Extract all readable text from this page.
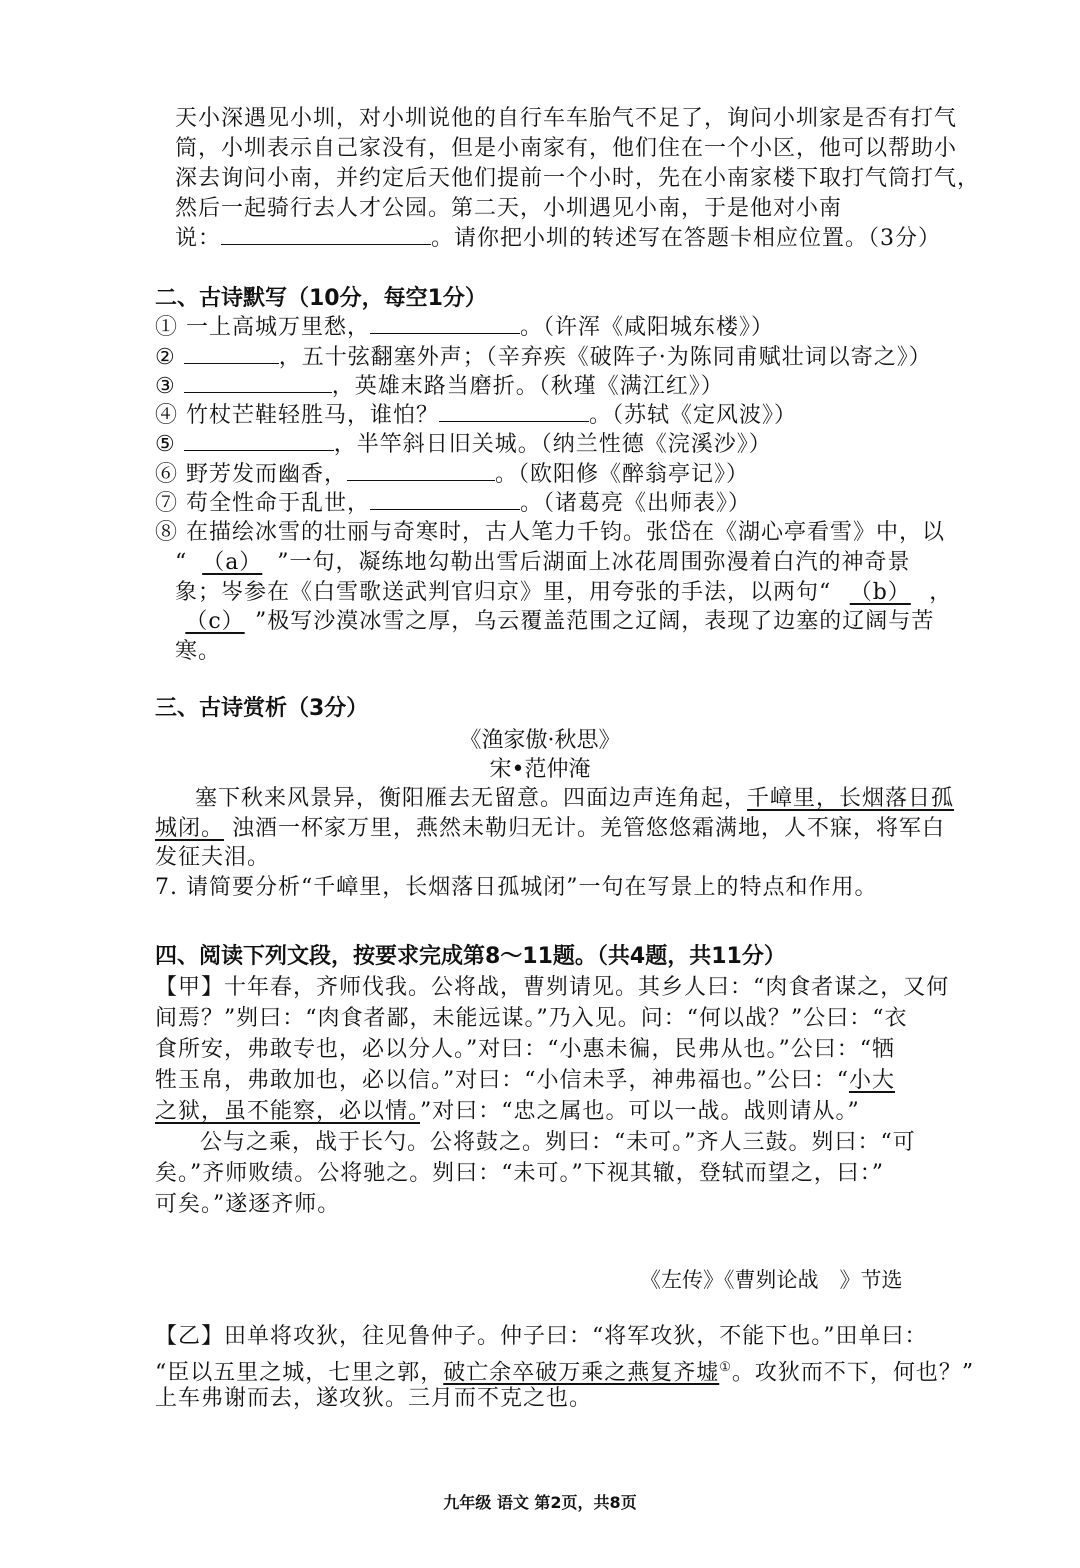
天小深遇见小圳，对小圳说他的自行车车胎气不足了，询问小圳家是否有打气
筒，小圳表示自己家没有，但是小南家有，他们住在一个小区，他可以帮助小
深去询问小南，并约定后天他们提前一个小时，先在小南家楼下取打气筒打气，
然后一起骑行去人才公园。第二天，小圳遇见小南，于是他对小南
说：	。请你把小圳的转述写在答题卡相应位置。（3分）
二、古诗默写（10分，每空1分）
① 一上高城万里愁，	。（许浑《咸阳城东楼》）
②	，五十弦翻塞外声；（辛弃疾《破阵子·为陈同甫赋壮词以寄之》）
③	，英雄末路当磨折。（秋瑾《满江红》）
④ 竹杖芒鞋轻胜马，谁怕？	。（苏轼《定风波》）
⑤	，半竿斜日旧关城。（纳兰性德《浣溪沙》）
⑥ 野芳发而幽香，	。（欧阳修《醉翁亭记》）
⑦ 苟全性命于乱世，	。（诸葛亮《出师表》）
⑧ 在描绘冰雪的壮丽与奇寒时，古人笔力千钧。张岱在《湖心亭看雪》中，以
“ （a） ”一句，凝练地勾勒出雪后湖面上冰花周围弥漫着白汽的神奇景
象；岑参在《白雪歌送武判官归京》里，用夸张的手法，以两句“ （b） ，
（c） ”极写沙漠冰雪之厚，乌云覆盖范围之辽阔，表现了边塞的辽阔与苦
寒。
三、古诗赏析（3分）
《渔家傲·秋思》
宋•范仲淹
塞下秋来风景异，衡阳雁去无留意。四面边声连角起，千嶂里，长烟落日孤
城闭。 浊酒一杯家万里，燕然未勒归无计。羌管悠悠霜满地，人不寐，将军白
发征夫泪。
7. 请简要分析“千嶂里，长烟落日孤城闭”一句在写景上的特点和作用。
四、阅读下列文段，按要求完成第8～11题。（共4题，共11分）
【甲】十年春，齐师伐我。公将战，曹刿请见。其乡人曰：“肉食者谋之，又何
间焉？”刿曰：“肉食者鄙，未能远谋。”乃入见。问：“何以战？”公曰：“衣
食所安，弗敢专也，必以分人。”对曰：“小惠未徧，民弗从也。”公曰：“牺
牲玉帛，弗敢加也，必以信。”对曰：“小信未孚，神弗福也。”公曰：“小大
之狱，虽不能察，必以情。”对曰：“忠之属也。可以一战。战则请从。”
公与之乘，战于长勺。公将鼓之。刿曰：“未可。”齐人三鼓。刿曰：“可
矣。”齐师败绩。公将驰之。刿曰：“未可。”下视其辙，登轼而望之，曰：”
可矣。”遂逐齐师。
《左传》《曹刿论战　》节选
【乙】田单将攻狄，往见鲁仲子。仲子曰：“将军攻狄，不能下也。”田单曰：
“臣以五里之城，七里之郭，破亡余卒破万乘之燕复齐墟①。攻狄而不下，何也？”
上车弗谢而去，遂攻狄。三月而不克之也。
九年级 语文 第2页，共8页
